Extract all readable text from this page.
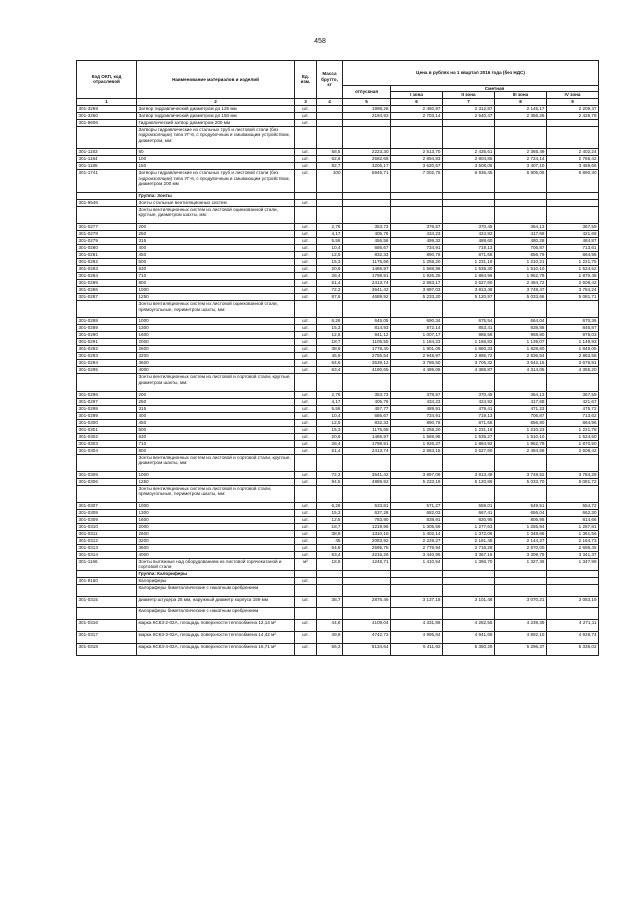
458
Код ОКП, код отраслевой	Наименование материалов и изделий	Ед. изм.	Масса брутто, кг	Цена в рублях на 1 квартал 2016 года (без НДС)				
				отпускная	Сметная			
					I зона	II зона	III зона	IV зона
1	2	3	4	5	6	7	8	9
301-3259	Затвор гидравлический диаметром до 125 мм	шт.		1998,28	2 460,97	2 312,87	2 145,17	2 209,37
301-3260	Затвор гидравлический диаметром до 150 мм	шт.		2194,93	2 703,14	2 540,47	2 356,26	2 426,78
301-9606	Гидравлический затвор диаметром 200 мм	шт.						
	Затворы гидравлические из стальных труб и листовой стали (без гидроизоляции) типа УГ-6, с продувочным и смывающим устройством, диаметром, мм:							
301-1183	80	шт.	58,5	2223,30	2 513,70	2 435,61	2 365,49	2 402,24
301-1184	100	шт.	62,8	2582,68	2 894,83	2 804,85	2 724,14	2 766,42
301-1185	150	шт.	82,7	3205,17	3 620,57	3 508,05	3 407,10	3 459,66
301-1741	Затворы гидравлические из стальных труб и листовой стали (без гидроизоляции) типа УГ-6, с продувочным и смывающим устройством, диаметром 200 мм	шт.	100	5946,71	7 002,75	6 936,45	6 905,06	6 890,30
	Группа: Зонты							
301-9546	Зонты стальные вентиляционных систем	шт.						
	Зонты вентиляционных систем из листовой оцинкованной стали, круглые, диаметром шахты, мм:							
301-0277	200	шт.	2,78	353,73	376,57	370,45	364,13	367,59
301-0278	250	шт.	4,17	405,76	434,23	424,92	417,68	421,68
301-0279	315	шт.	5,56	456,56	499,32	488,60	480,28	484,87
301-0280	400	шт.	10,4	686,67	734,91	719,13	706,87	713,61
301-0281	450	шт.	12,5	832,33	890,76	871,65	856,79	864,96
301-0282	500	шт.	15,3	1175,66	1 258,20	1 231,19	1 210,21	1 221,75
301-0283	630	шт.	20,8	1465,97	1 568,96	1 535,30	1 510,10	1 524,52
301-0284	710	шт.	28,4	1799,91	1 926,25	1 884,96	1 852,79	1 870,48
301-0285	800	шт.	51,4	2413,74	2 583,17	2 527,60	2 484,72	2 508,42
301-0286	1000	шт.	72,3	3641,42	3 897,03	3 813,48	3 748,47	3 784,24
301-0287	1250	шт.	87,6	4689,92	5 233,20	5 120,97	5 033,66	5 081,71
	Зонты вентиляционных систем из листовой оцинкованной стали, прямоугольные, периметром шахты, мм:							
301-0288	1000	шт.	6,26	645,05	690,34	675,54	664,04	670,36
301-0289	1300	шт.	15,3	814,93	872,14	853,41	838,88	846,87
301-0290	1600	шт.	12,5	941,12	1 007,17	985,58	968,80	978,03
301-0291	2000	шт.	18,7	1105,55	1 184,23	1 158,82	1 139,07	1 149,93
301-0292	2600	шт.	38,9	1778,40	1 901,09	1 860,33	1 828,60	1 846,05
301-0293	3200	шт.	45,9	2755,54	2 948,97	2 885,72	2 836,54	2 863,58
301-0294	3600	шт.	64,6	3538,12	3 786,50	3 705,32	3 642,15	3 676,91
301-0295	4000	шт.	63,4	4190,65	4 485,06	4 388,87	4 314,05	4 355,20
	Зонты вентиляционных систем из листовой и сортовой стали, круглые, диаметром шахты, мм:							
301-0296	200	шт.	2,78	353,73	378,57	370,45	364,13	367,59
301-0297	250	шт.	4,17	405,76	434,23	424,92	417,68	421,67
301-0298	315	шт.	5,56	457,77	489,91	479,41	471,23	475,72
301-0299	400	шт.	10,4	686,67	734,91	719,13	706,87	713,62
301-0300	450	шт.	12,5	832,33	890,76	871,65	856,80	864,96
301-0301	500	шт.	15,3	1175,68	1 258,20	1 231,18	1 210,23	1 221,78
301-0302	630	шт.	20,8	1465,97	1 569,95	1 535,27	1 510,10	1 524,50
301-0303	710	шт.	28,4	1799,91	1 926,27	1 884,92	1 852,79	1 870,50
301-0304	800	шт.	51,4	2413,74	2 583,15	2 527,60	2 484,68	2 508,42
	Зонты вентиляционных систем из листовой и сортовой стали, круглые, диаметром шахты, мм:							
301-0305	1000	шт.	72,3	3641,42	3 897,09	3 813,49	3 748,52	3 784,28
301-0306	1250	шт.	94,5	4889,92	5 233,19	5 120,86	5 033,70	5 081,72
	Зонты вентиляционных систем из листовой и сортовой стали, прямоугольные, периметром шахты, мм:							
301-0307	1000	шт.	6,26	533,81	571,27	559,01	549,51	554,72
301-0308	1300	шт.	15,3	637,28	682,03	667,41	656,04	662,30
301-0309	1600	шт.	12,5	783,90	838,91	820,95	806,95	814,66
301-0310	2000	шт.	18,7	1219,96	1 305,59	1 277,63	1 255,84	1 267,81
301-0311	2600	шт.	38,9	1310,18	1 402,14	1 372,06	1 348,66	1 361,56
301-0312	3200	шт.	45	2083,92	2 229,27	2 181,48	2 144,27	2 164,73
301-0313	3600	шт.	64,6	2595,75	2 778,94	2 716,28	2 670,00	2 695,45
301-0314	4000	шт.	63,4	3215,26	3 440,95	3 367,15	3 309,79	3 341,37
301-1166	Зонты вытяжные над оборудованием из листовой горячекатаной и сортовой стали	м²	18,8	1248,71	1 410,54	1 366,70	1 327,36	1 347,99
	Группа: Калориферы							
301-9150	Калориферы	шт.						
	Калориферы биметаллические с накатным оребрением							
301-0315	диаметр штуцера 25 мм, наружный диаметр корпуса 159 мм	шт.	38,7	2876,46	3 137,18	3 101,48	3 070,21	3 083,19
	Калориферы биметаллические с накатным оребрением							
301-0316	марка КСК3-2-02А, площадь поверхности теплообмена 12,14 м²	шт.	44,8	4109,04	4 331,86	4 282,56	4 239,39	4 271,11
301-0317	марка КСК3-3-02А, площадь поверхности теплообмена 14,42 м²	шт.	49,9	4742,72	4 995,84	4 941,69	4 892,10	4 928,74
301-0318	марка КСК3-4-02А, площадь поверхности теплообмена 16,71 м²	шт.	56,3	5134,64	5 411,92	5 350,29	5 296,37	5 336,02
